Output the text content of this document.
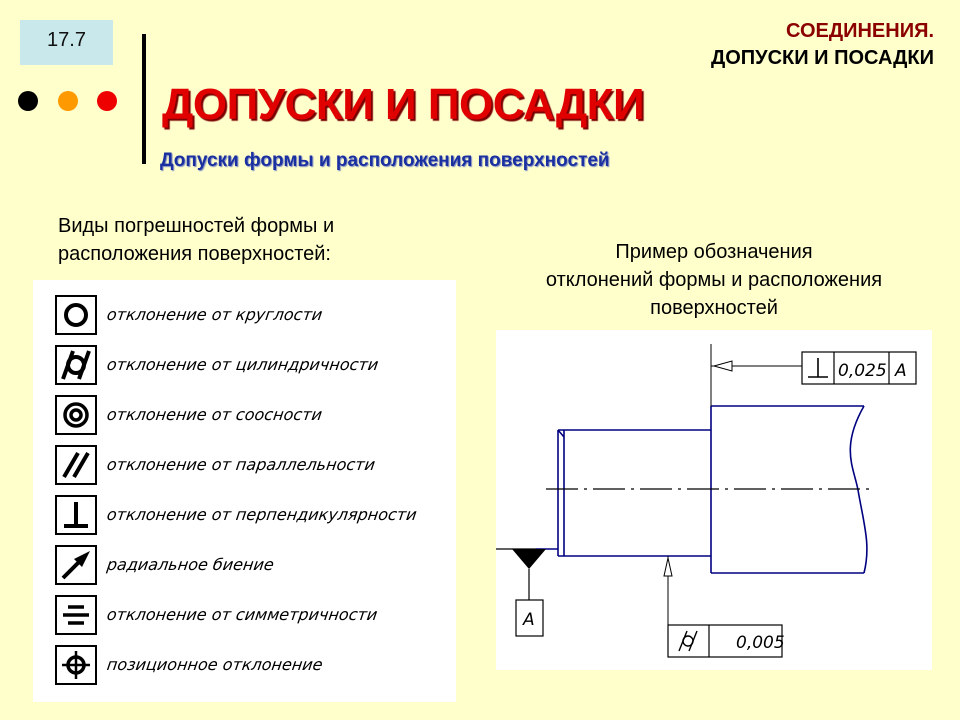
17.7	СОЕДИНЕНИЯ.
ДОПУСКИ И ПОСАДКИ
ДОПУСКИ И ПОСАДКИ
Допуски формы и расположения поверхностей
Виды погрешностей формы и
расположения поверхностей:	Пример обозначения
отклонений формы и расположения
поверхностей
отклонение от круглости
отклонение от цилиндричности
отклонение от соосности
отклонение от параллельности
отклонение от перпендикулярности
радиальное биение
отклонение от симметричности
позиционное отклонение
0,025 A
A
0,005
